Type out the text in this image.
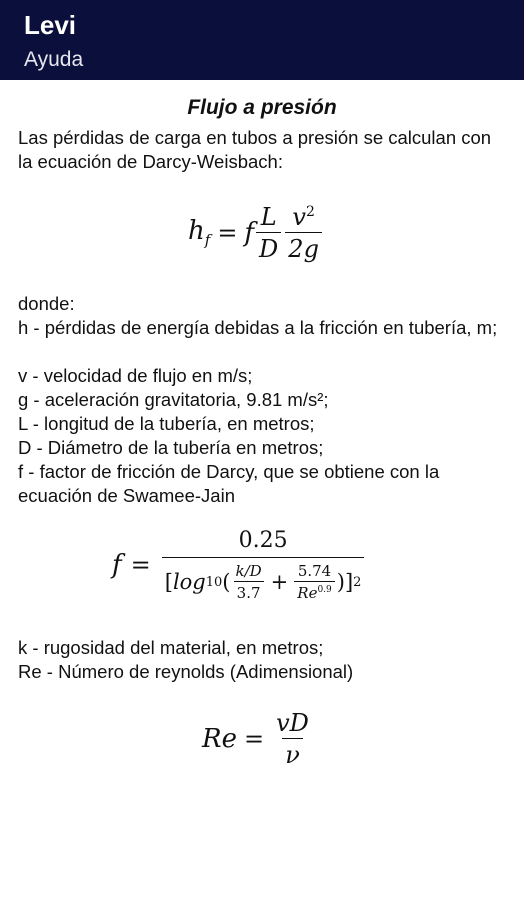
Levi
Ayuda
Flujo a presión
Las pérdidas de carga en tubos a presión se calculan con la ecuación de Darcy-Weisbach:
$h_f = f \frac{L}{D} \frac{v^2}{2g}$
donde:
h - pérdidas de energía debidas a la fricción en tubería, m;
v - velocidad de flujo en m/s;
g - aceleración gravitatoria, 9.81 m/s²;
L - longitud de la tubería, en metros;
D - Diámetro de la tubería en metros;
f - factor de fricción de Darcy, que se obtiene con la ecuación de Swamee-Jain
f =
0.25
[ log 10 ( $\frac{k/D}{3.7} + \frac{5.74}{Re^{0.9}}$ )] 2
k - rugosidad del material, en metros;
Re - Número de reynolds (Adimensional)
$Re = \frac{vD}{\nu}$
